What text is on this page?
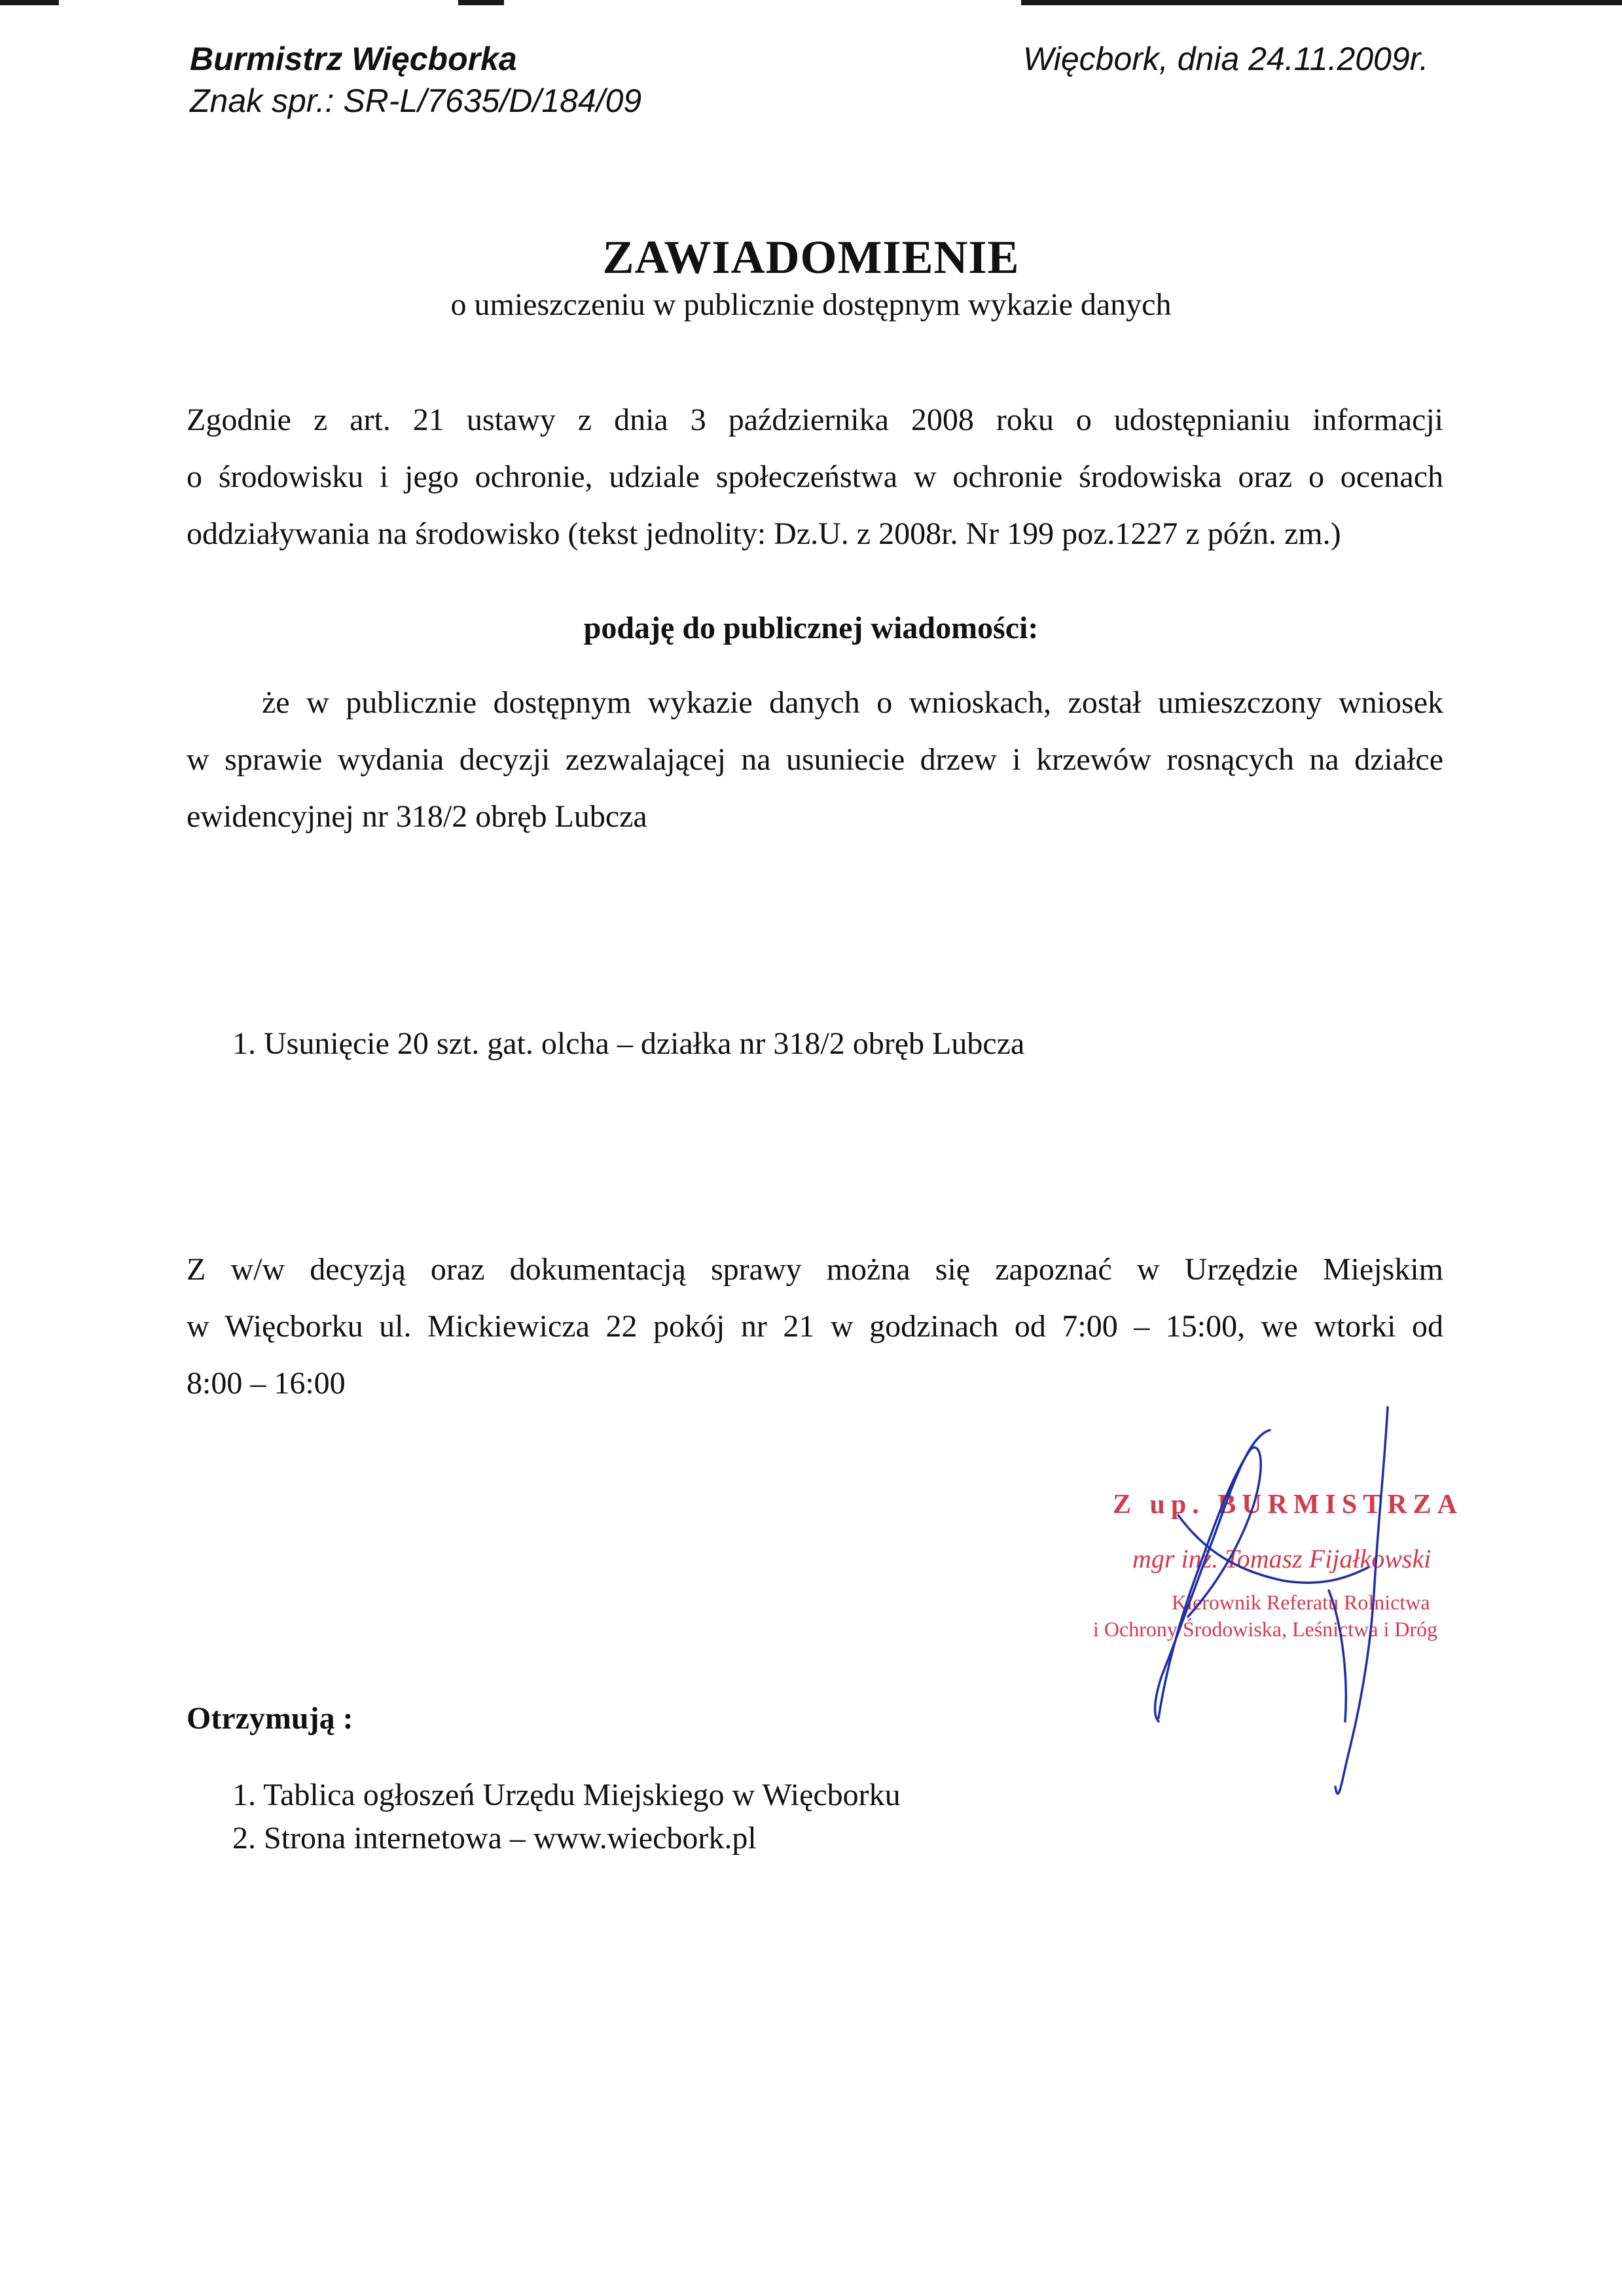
Burmistrz Więcborka
Znak spr.: SR-L/7635/D/184/09
Więcbork, dnia 24.11.2009r.
ZAWIADOMIENIE
o umieszczeniu w publicznie dostępnym wykazie danych
Zgodnie z art. 21 ustawy z dnia 3 października 2008 roku o udostępnianiu informacji
o środowisku i jego ochronie, udziale społeczeństwa w ochronie środowiska oraz o ocenach
oddziaływania na środowisko (tekst jednolity: Dz.U. z 2008r. Nr 199 poz.1227 z późn. zm.)
podaję do publicznej wiadomości:
że w publicznie dostępnym wykazie danych o wnioskach, został umieszczony wniosek
w sprawie wydania decyzji zezwalającej na usuniecie drzew i krzewów rosnących na działce
ewidencyjnej nr 318/2 obręb Lubcza
1. Usunięcie 20 szt. gat. olcha – działka nr 318/2 obręb Lubcza
Z w/w decyzją oraz dokumentacją sprawy można się zapoznać w Urzędzie Miejskim
w Więcborku ul. Mickiewicza 22 pokój nr 21 w godzinach od 7:00 – 15:00, we wtorki od
8:00 – 16:00
Z up. BURMISTRZA
mgr inż. Tomasz Fijałkowski
Kierownik Referatu Rolnictwa
i Ochrony Środowiska, Leśnictwa i Dróg
Otrzymują :
1. Tablica ogłoszeń Urzędu Miejskiego w Więcborku
2. Strona internetowa – www.wiecbork.pl
